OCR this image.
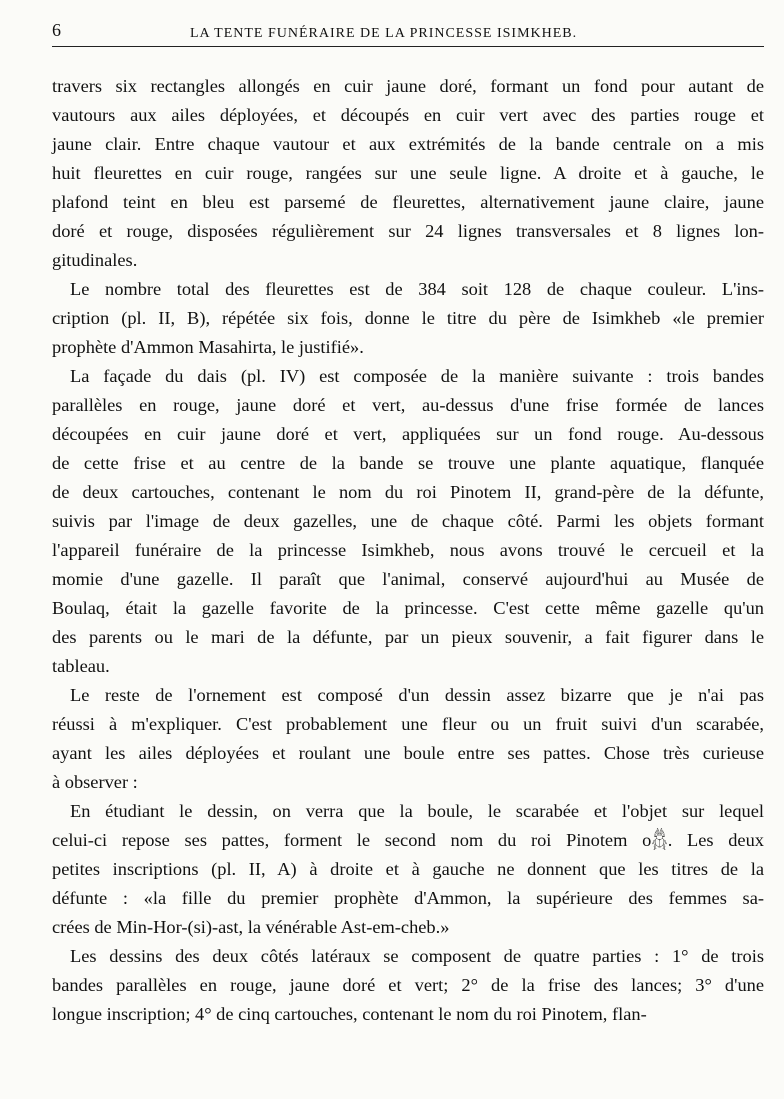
6	LA TENTE FUNÉRAIRE DE LA PRINCESSE ISIMKHEB.
travers six rectangles allongés en cuir jaune doré, formant un fond pour autant de
vautours aux ailes déployées, et découpés en cuir vert avec des parties rouge et
jaune clair. Entre chaque vautour et aux extrémités de la bande centrale on a mis
huit fleurettes en cuir rouge, rangées sur une seule ligne. A droite et à gauche, le
plafond teint en bleu est parsemé de fleurettes, alternativement jaune claire, jaune
doré et rouge, disposées régulièrement sur 24 lignes transversales et 8 lignes lon-
gitudinales.
Le nombre total des fleurettes est de 384 soit 128 de chaque couleur. L'ins-
cription (pl. II, B), répétée six fois, donne le titre du père de Isimkheb «le premier
prophète d'Ammon Masahirta, le justifié».
La façade du dais (pl. IV) est composée de la manière suivante : trois bandes
parallèles en rouge, jaune doré et vert, au-dessus d'une frise formée de lances
découpées en cuir jaune doré et vert, appliquées sur un fond rouge. Au-dessous
de cette frise et au centre de la bande se trouve une plante aquatique, flanquée
de deux cartouches, contenant le nom du roi Pinotem II, grand-père de la défunte,
suivis par l'image de deux gazelles, une de chaque côté. Parmi les objets formant
l'appareil funéraire de la princesse Isimkheb, nous avons trouvé le cercueil et la
momie d'une gazelle. Il paraît que l'animal, conservé aujourd'hui au Musée de
Boulaq, était la gazelle favorite de la princesse. C'est cette même gazelle qu'un
des parents ou le mari de la défunte, par un pieux souvenir, a fait figurer dans le
tableau.
Le reste de l'ornement est composé d'un dessin assez bizarre que je n'ai pas
réussi à m'expliquer. C'est probablement une fleur ou un fruit suivi d'un scarabée,
ayant les ailes déployées et roulant une boule entre ses pattes. Chose très curieuse
à observer :
En étudiant le dessin, on verra que la boule, le scarabée et l'objet sur lequel
celui-ci repose ses pattes, forment le second nom du roi Pinotem o𓆣. Les deux
petites inscriptions (pl. II, A) à droite et à gauche ne donnent que les titres de la
défunte : «la fille du premier prophète d'Ammon, la supérieure des femmes sa-
crées de Min-Hor-(si)-ast, la vénérable Ast-em-cheb.»
Les dessins des deux côtés latéraux se composent de quatre parties : 1° de trois
bandes parallèles en rouge, jaune doré et vert; 2° de la frise des lances; 3° d'une
longue inscription; 4° de cinq cartouches, contenant le nom du roi Pinotem, flan-
